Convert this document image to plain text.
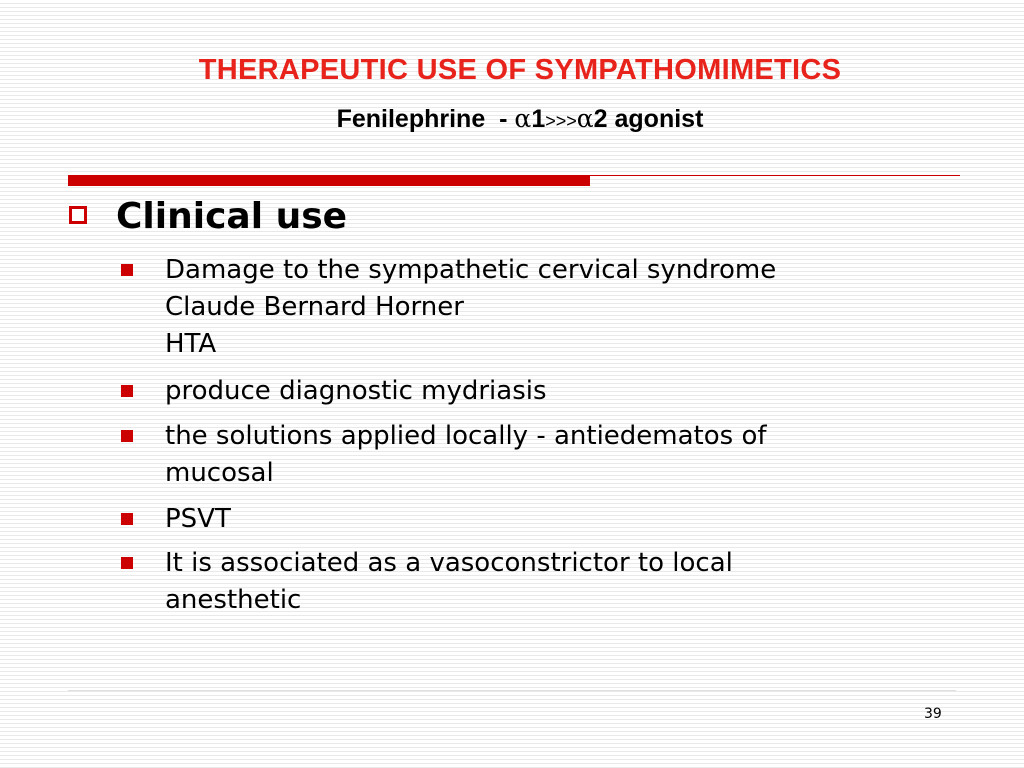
THERAPEUTIC USE OF SYMPATHOMIMETICS
Fenilephrine - α1>>>α2 agonist
Clinical use
Damage to the sympathetic cervical syndrome
Claude Bernard Horner
HTA
produce diagnostic mydriasis
the solutions applied locally - antiedematos of
mucosal
PSVT
It is associated as a vasoconstrictor to local
anesthetic
39
